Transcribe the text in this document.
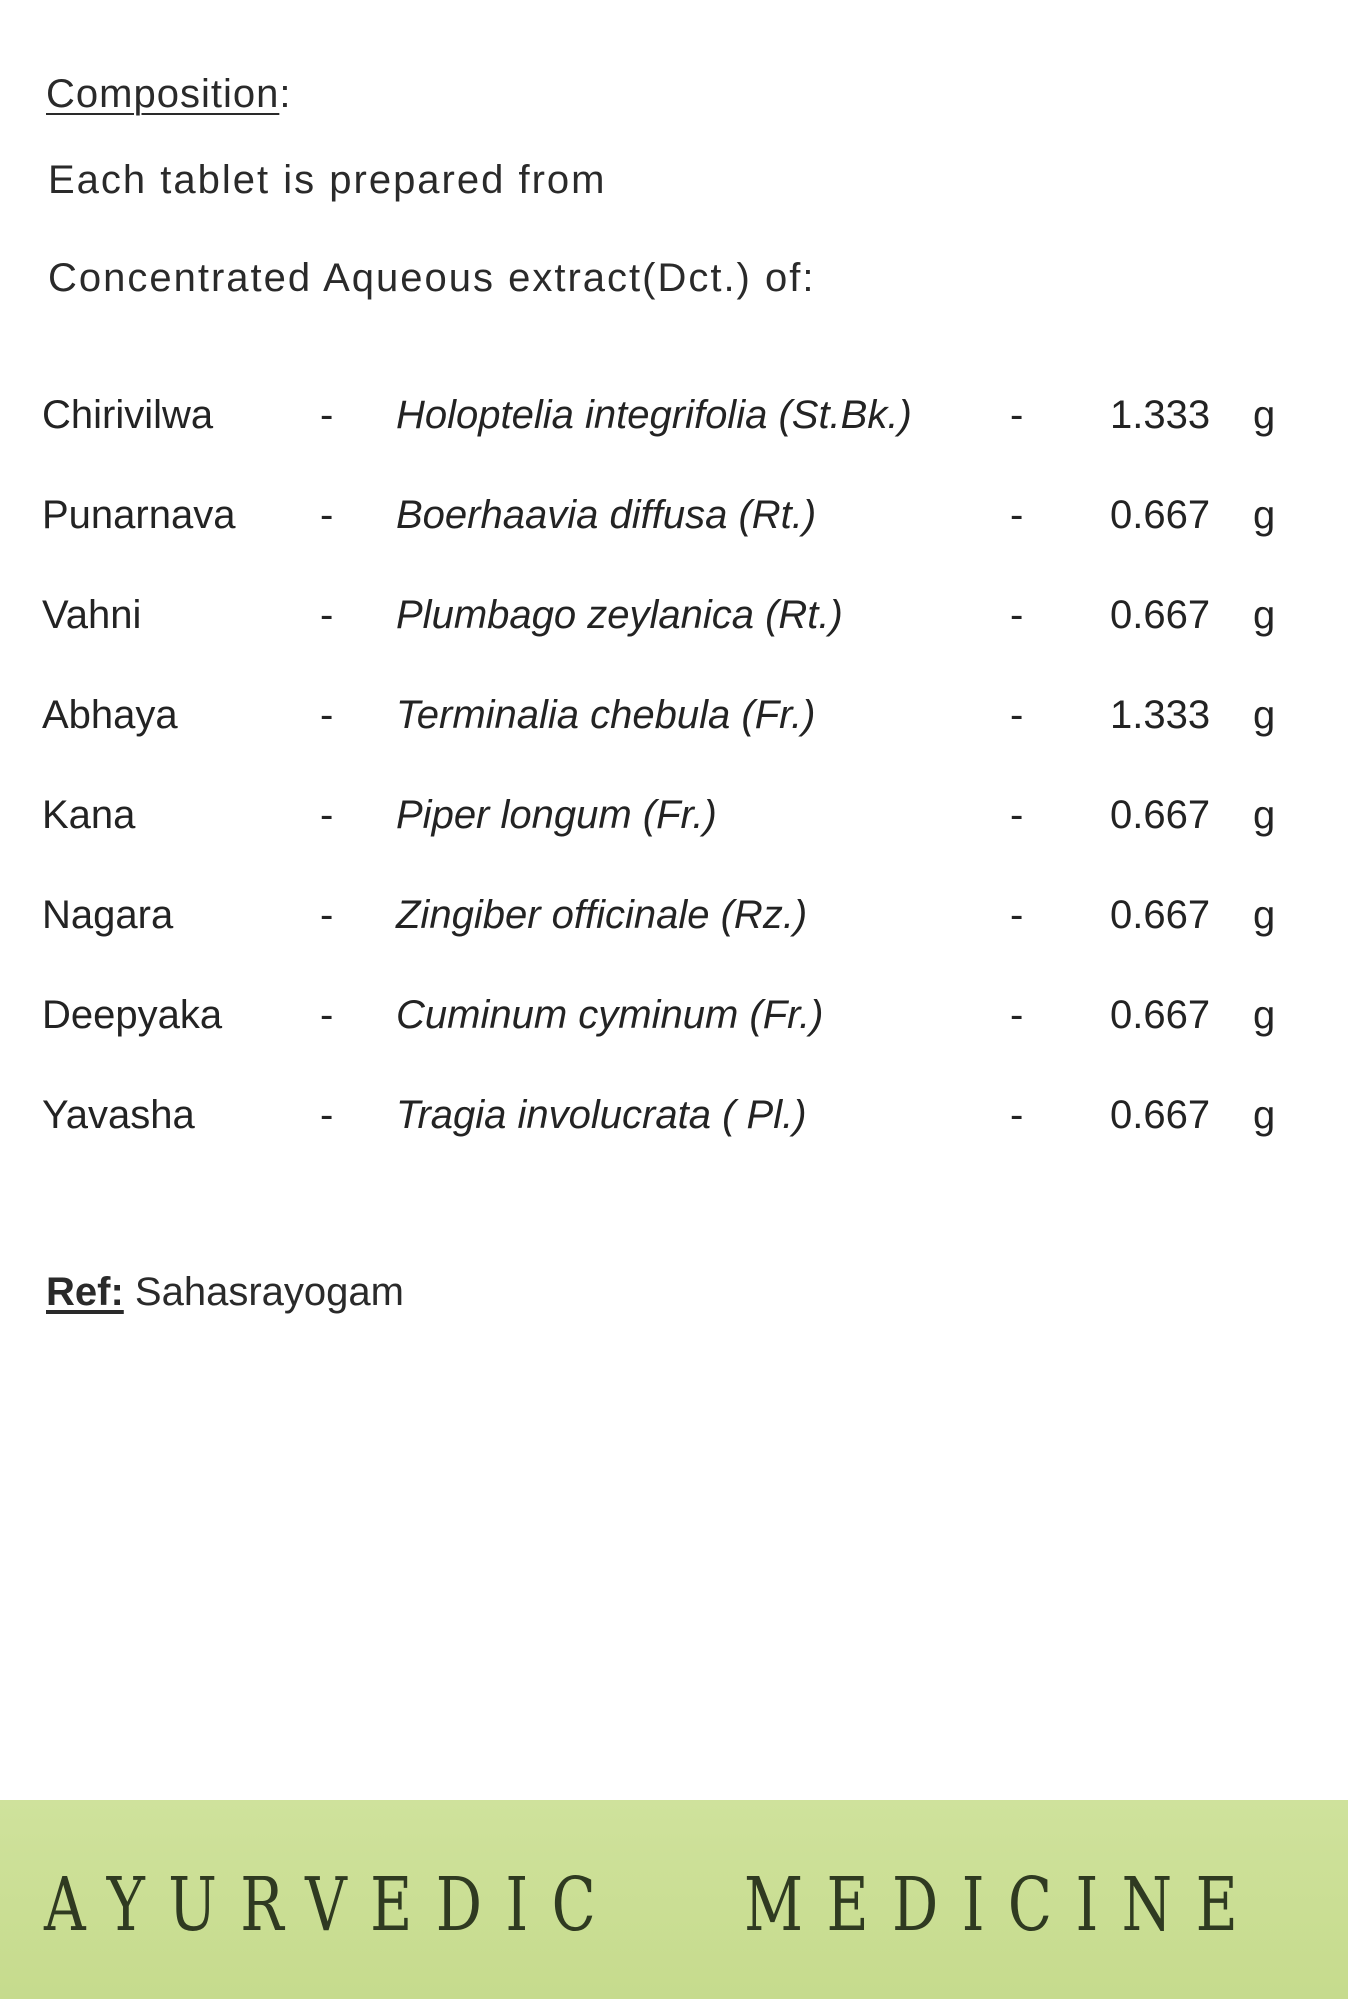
Composition:
Each tablet is prepared from
Concentrated Aqueous extract(Dct.) of:
Chirivilwa	- Holoptelia integrifolia (St.Bk.) - 1.333 g
Punarnava - Boerhaavia diffusa (Rt.)	- 0.667 g
Vahni	- Plumbago zeylanica (Rt.)	- 0.667 g
Abhaya	- Terminalia chebula (Fr.)	- 1.333 g
Kana	- Piper longum (Fr.)	- 0.667 g
Nagara	- Zingiber officinale (Rz.)	- 0.667 g
Deepyaka - Cuminum cyminum (Fr.)	- 0.667 g
Yavasha	- Tragia involucrata ( Pl.)	- 0.667 g
Ref: Sahasrayogam
AYURVEDIC MEDICINE
